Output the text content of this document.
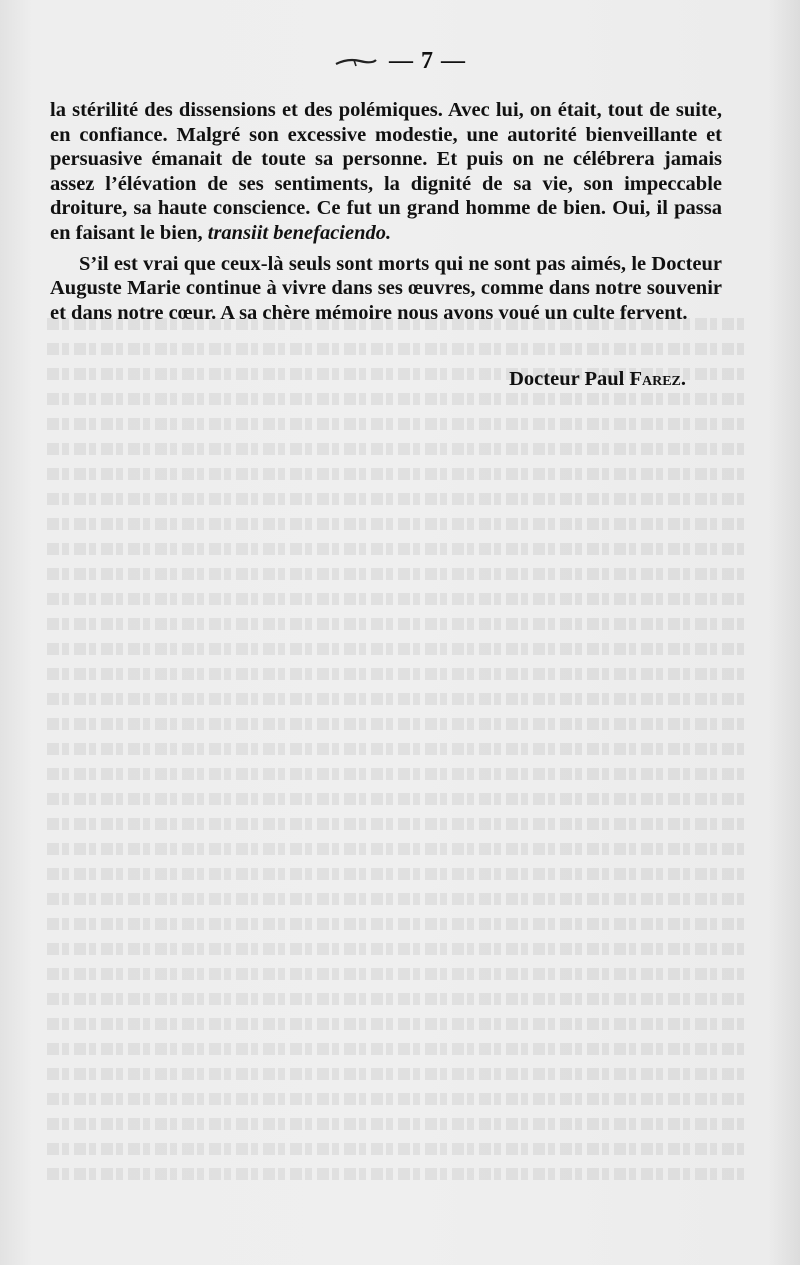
— 7 —

la stérilité des dissensions et des polémiques. Avec lui, on était, tout de suite, en confiance. Malgré son excessive modestie, une autorité bienveillante et persuasive émanait de toute sa personne. Et puis on ne célébrera jamais assez l’élévation de ses sentiments, la dignité de sa vie, son impeccable droiture, sa haute conscience. Ce fut un grand homme de bien. Oui, il passa en faisant le bien, transiit benefaciendo.

S’il est vrai que ceux-là seuls sont morts qui ne sont pas aimés, le Docteur Auguste Marie continue à vivre dans ses œuvres, comme dans notre souvenir et dans notre cœur. A sa chère mémoire nous avons voué un culte fervent.

Docteur Paul Farez.
